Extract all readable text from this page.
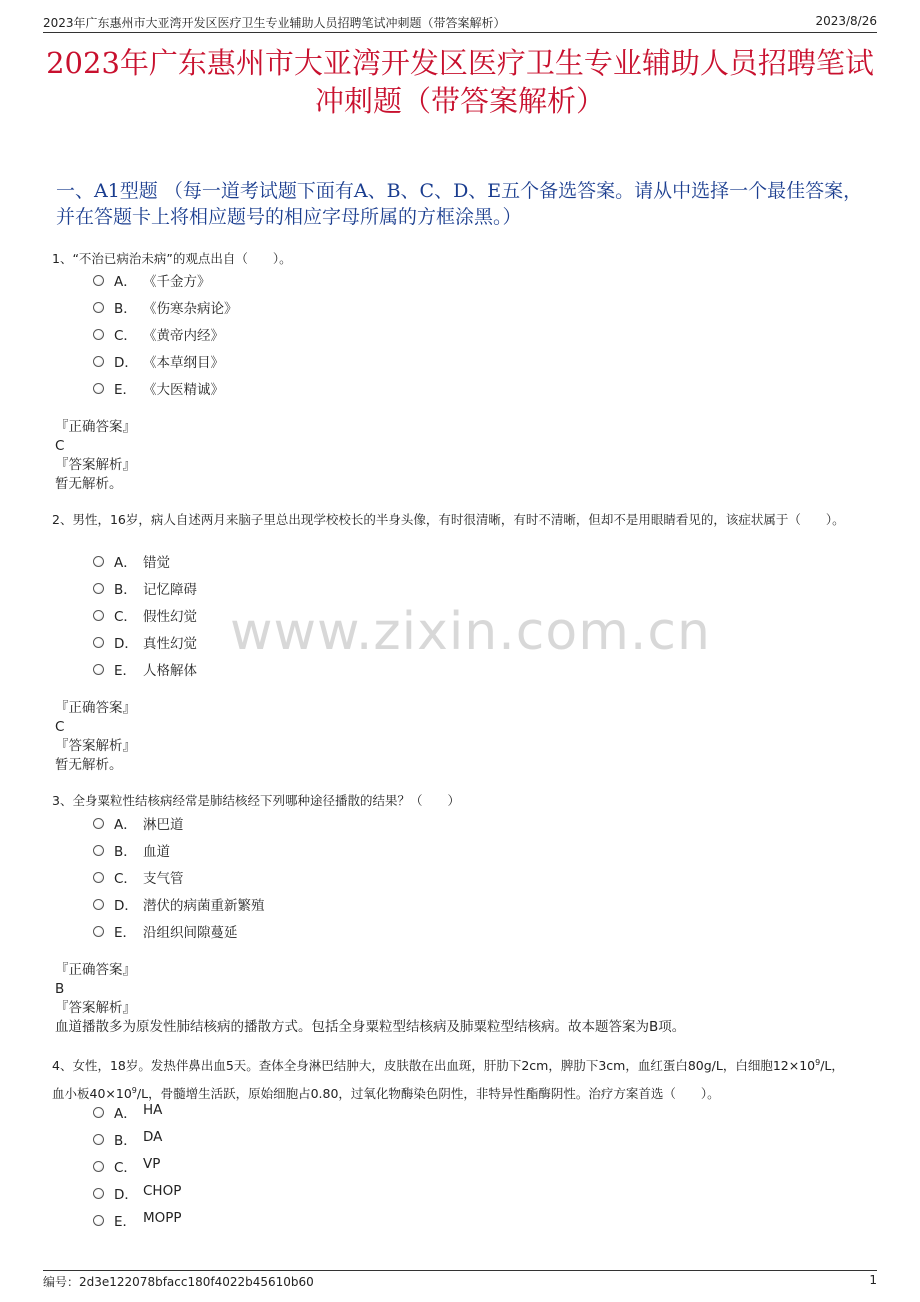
2023年广东惠州市大亚湾开发区医疗卫生专业辅助人员招聘笔试冲刺题（带答案解析）	2023/8/26
2023年广东惠州市大亚湾开发区医疗卫生专业辅助人员招聘笔试冲刺题（带答案解析）
一、A1型题 （每一道考试题下面有A、B、C、D、E五个备选答案。请从中选择一个最佳答案，并在答题卡上将相应题号的相应字母所属的方框涂黑。）
www.zixin.com.cn
1、“不治已病治未病”的观点出自（　　）。
A． 《千金方》
B． 《伤寒杂病论》
C． 《黄帝内经》
D． 《本草纲目》
E． 《大医精诚》
『正确答案』
C
『答案解析』
暂无解析。
2、男性，16岁，病人自述两月来脑子里总出现学校校长的半身头像，有时很清晰，有时不清晰，但却不是用眼睛看见的，该症状属于（　　）。
A． 错觉
B． 记忆障碍
C． 假性幻觉
D． 真性幻觉
E． 人格解体
『正确答案』
C
『答案解析』
暂无解析。
3、全身粟粒性结核病经常是肺结核经下列哪种途径播散的结果？（　　）
A． 淋巴道
B． 血道
C． 支气管
D． 潜伏的病菌重新繁殖
E． 沿组织间隙蔓延
『正确答案』
B
『答案解析』
血道播散多为原发性肺结核病的播散方式。包括全身粟粒型结核病及肺粟粒型结核病。故本题答案为B项。
4、女性，18岁。发热伴鼻出血5天。查体全身淋巴结肿大，皮肤散在出血斑，肝肋下2cm，脾肋下3cm，血红蛋白80g/L，白细胞$12\times 10^9/L$，血小板$40\times 10^9/L$，骨髓增生活跃，原始细胞占0.80，过氧化物酶染色阴性，非特异性酯酶阴性。治疗方案首选（　　）。
A． HA
B． DA
C． VP
D． CHOP
E． MOPP
编号：2d3e122078bfacc180f4022b45610b60	1
